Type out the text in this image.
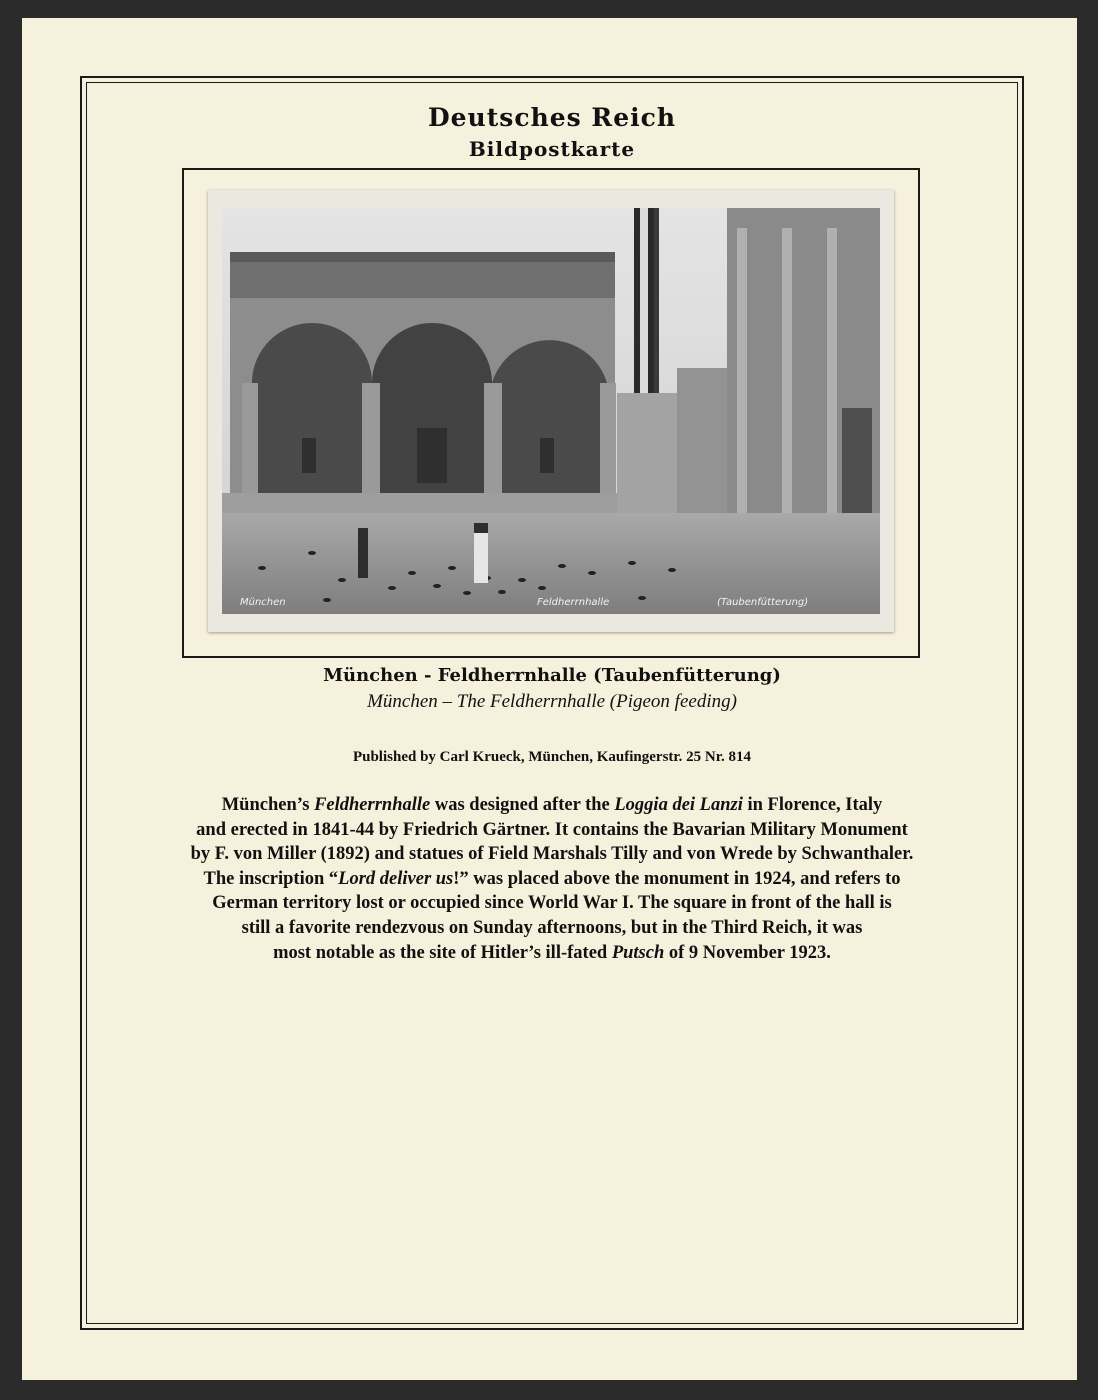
Deutsches Reich
Bildpostkarte
München	Feldherrnhalle	(Taubenfütterung)
München - Feldherrnhalle (Taubenfütterung)
München – The Feldherrnhalle (Pigeon feeding)
Published by Carl Krueck, München, Kaufingerstr. 25 Nr. 814
München’s Feldherrnhalle was designed after the Loggia dei Lanzi in Florence, Italy
and erected in 1841-44 by Friedrich Gärtner. It contains the Bavarian Military Monument
by F. von Miller (1892) and statues of Field Marshals Tilly and von Wrede by Schwanthaler.
The inscription “Lord deliver us!” was placed above the monument in 1924, and refers to
German territory lost or occupied since World War I. The square in front of the hall is
still a favorite rendezvous on Sunday afternoons, but in the Third Reich, it was
most notable as the site of Hitler’s ill-fated Putsch of 9 November 1923.
